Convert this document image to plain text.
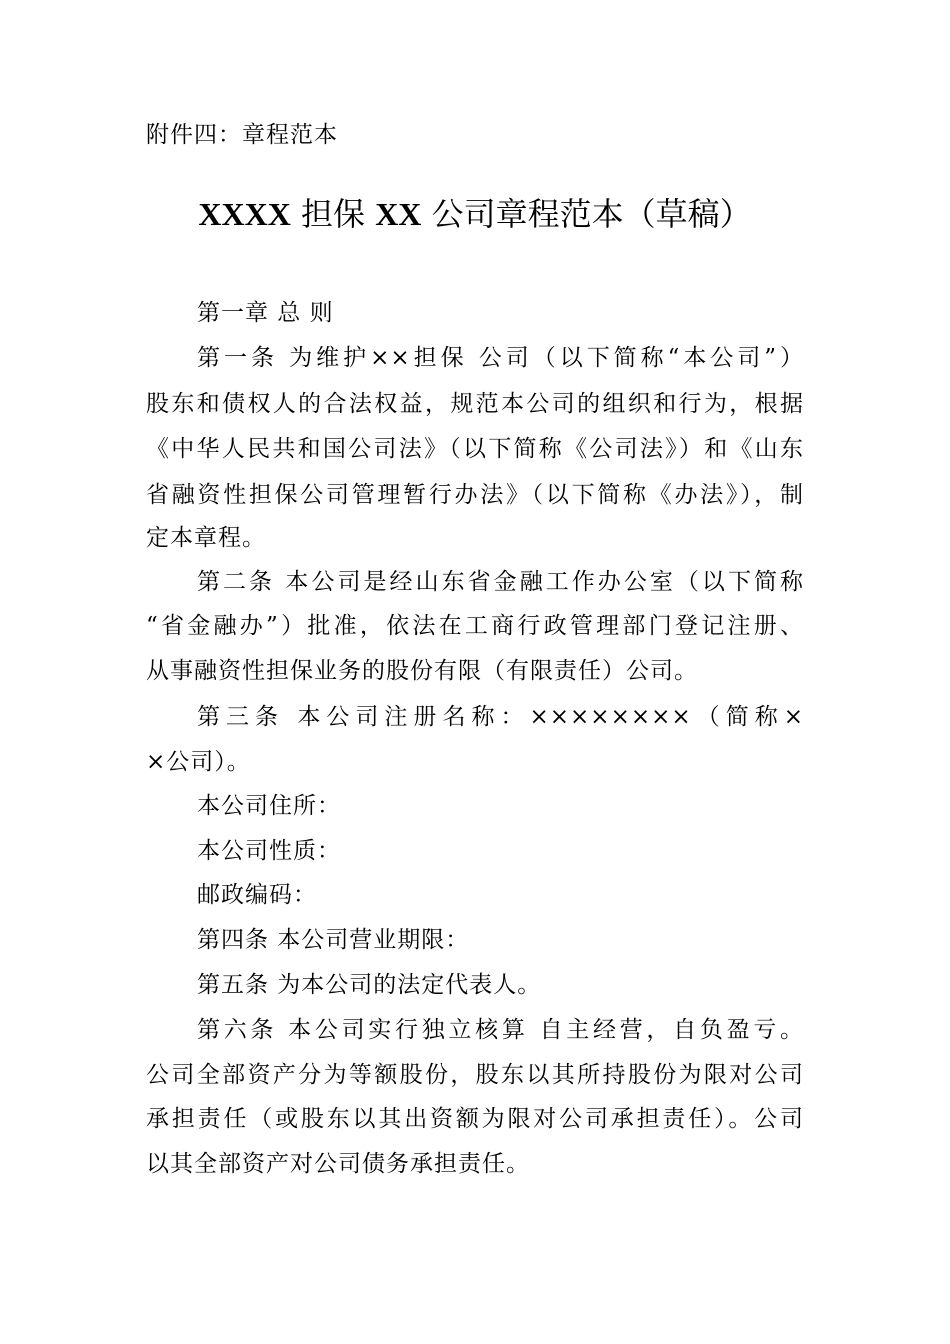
附件四：章程范本
XXXX 担保 XX 公司章程范本（草稿）
第一章 总 则
第一条 为维护××担保 公司（以下简称“本公司”）
股东和债权人的合法权益，规范本公司的组织和行为，根据
《中华人民共和国公司法》（以下简称《公司法》）和《山东
省融资性担保公司管理暂行办法》（以下简称《办法》），制
定本章程。
第二条 本公司是经山东省金融工作办公室（以下简称
“省金融办”）批准，依法在工商行政管理部门登记注册、
从事融资性担保业务的股份有限（有限责任）公司。
第三条 本公司注册名称：××××××××（简称×
×公司）。
本公司住所：
本公司性质：
邮政编码：
第四条 本公司营业期限：
第五条 为本公司的法定代表人。
第六条 本公司实行独立核算 自主经营，自负盈亏。
公司全部资产分为等额股份，股东以其所持股份为限对公司
承担责任（或股东以其出资额为限对公司承担责任）。公司
以其全部资产对公司债务承担责任。
